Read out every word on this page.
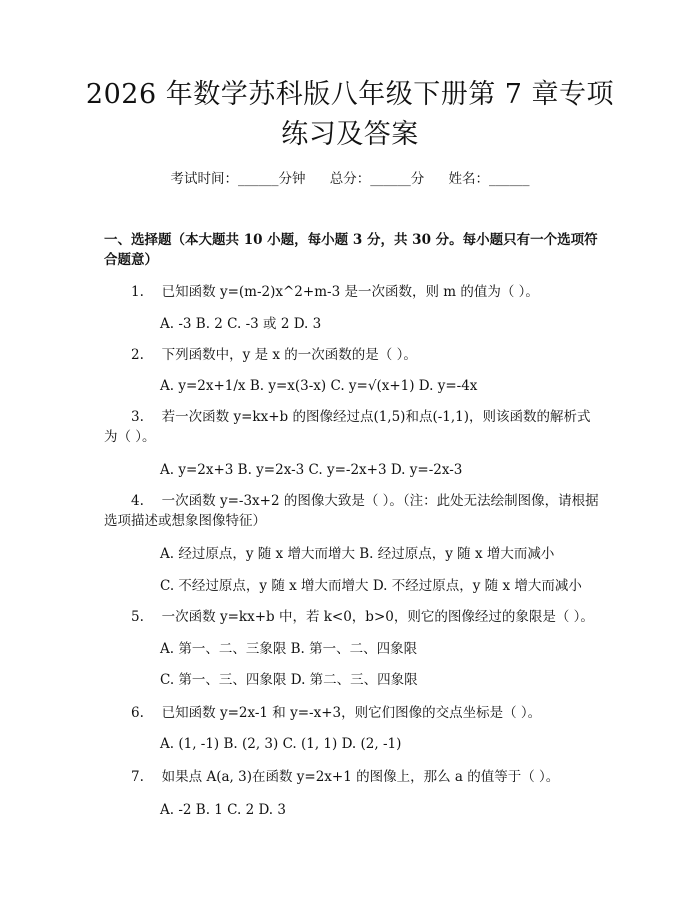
2026 年数学苏科版八年级下册第 7 章专项练习及答案
考试时间：______分钟 总分：______分 姓名：______

一、选择题（本大题共 10 小题，每小题 3 分，共 30 分。每小题只有一个选项符合题意）

1.　 已知函数 y=(m-2)x^2+m-3 是一次函数，则 m 的值为（ ）。

A. -3 B. 2 C. -3 或 2 D. 3

2.　 下列函数中，y 是 x 的一次函数的是（ ）。

A. y=2x+1/x B. y=x(3-x) C. y=√(x+1) D. y=-4x

3.　 若一次函数 y=kx+b 的图像经过点(1,5)和点(-1,1)，则该函数的解析式为（ ）。

A. y=2x+3 B. y=2x-3 C. y=-2x+3 D. y=-2x-3

4.　 一次函数 y=-3x+2 的图像大致是（ ）。（注：此处无法绘制图像，请根据选项描述或想象图像特征）

A. 经过原点，y 随 x 增大而增大 B. 经过原点，y 随 x 增大而减小

C. 不经过原点，y 随 x 增大而增大 D. 不经过原点，y 随 x 增大而减小

5.　 一次函数 y=kx+b 中，若 k<0，b>0，则它的图像经过的象限是（ ）。

A. 第一、二、三象限 B. 第一、二、四象限

C. 第一、三、四象限 D. 第二、三、四象限

6.　 已知函数 y=2x-1 和 y=-x+3，则它们图像的交点坐标是（ ）。

A. (1, -1) B. (2, 3) C. (1, 1) D. (2, -1)

7.　 如果点 A(a, 3)在函数 y=2x+1 的图像上，那么 a 的值等于（ ）。

A. -2 B. 1 C. 2 D. 3
